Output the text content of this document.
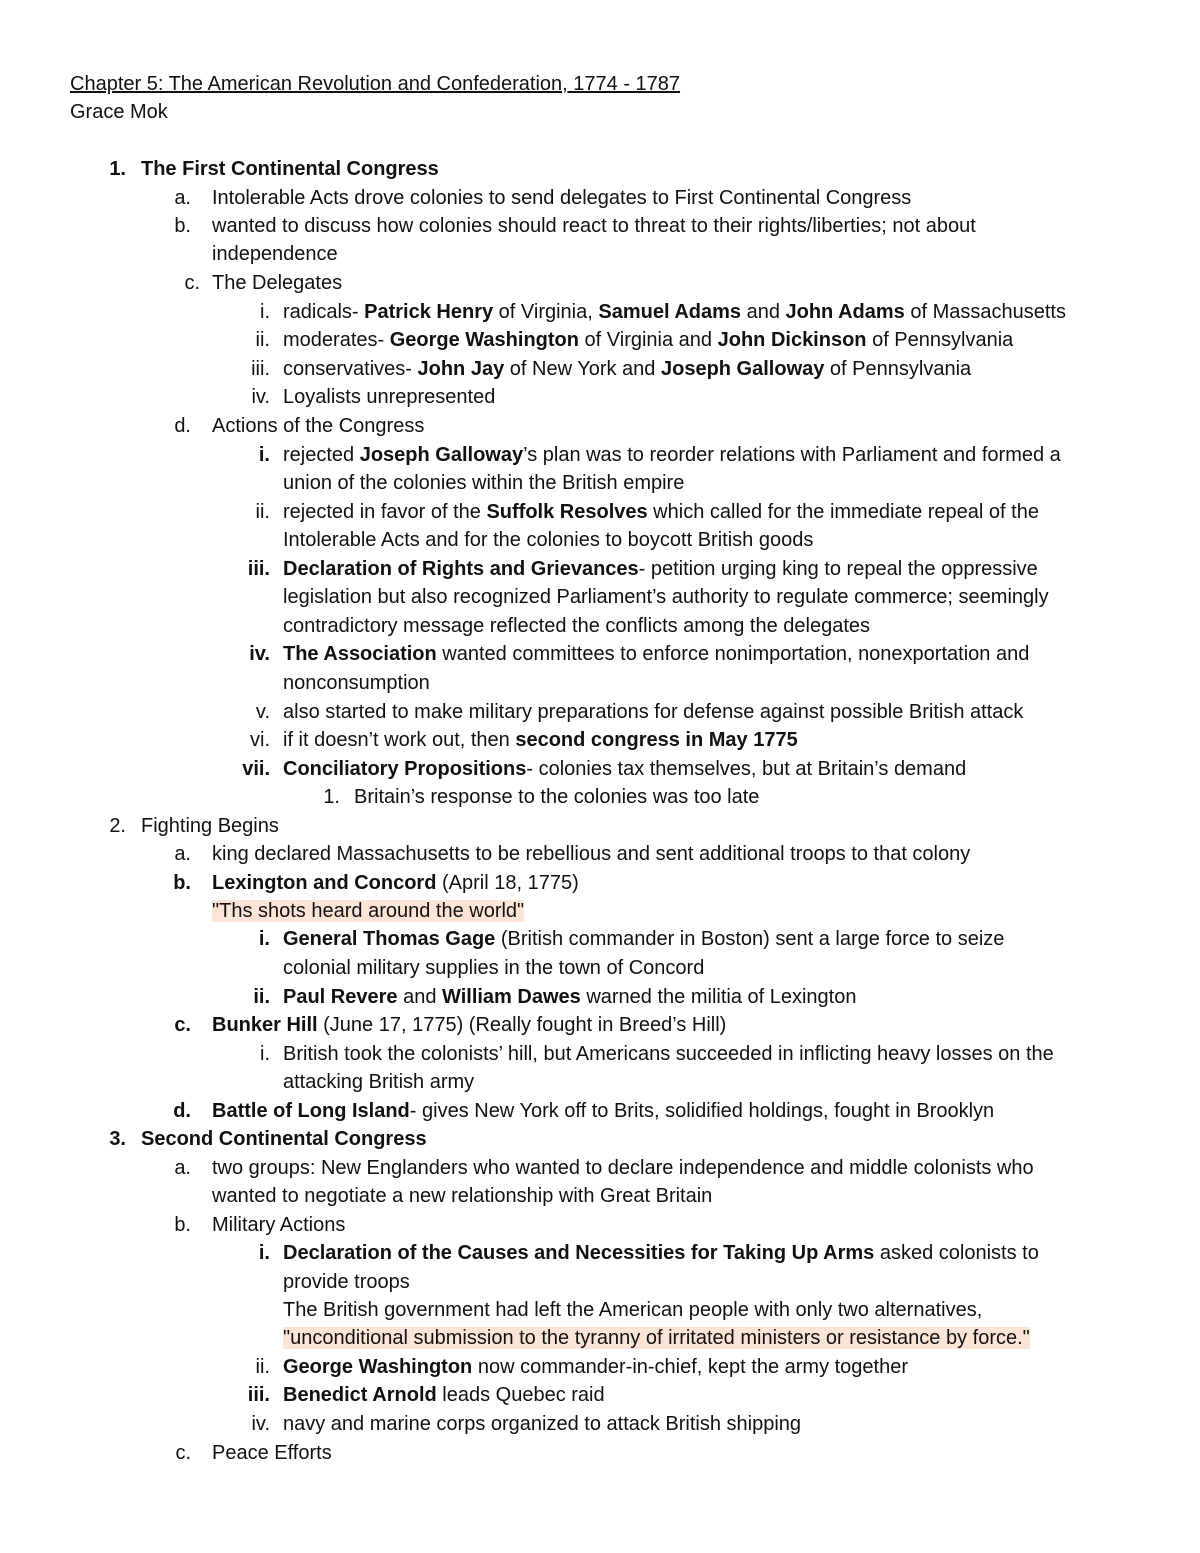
Chapter 5: The American Revolution and Confederation, 1774 - 1787
Grace Mok
1. The First Continental Congress
a. Intolerable Acts drove colonies to send delegates to First Continental Congress
b. wanted to discuss how colonies should react to threat to their rights/liberties; not about
independence
c. The Delegates
i. radicals- Patrick Henry of Virginia, Samuel Adams and John Adams of Massachusetts
ii. moderates- George Washington of Virginia and John Dickinson of Pennsylvania
iii. conservatives- John Jay of New York and Joseph Galloway of Pennsylvania
iv. Loyalists unrepresented
d. Actions of the Congress
i. rejected Joseph Galloway’s plan was to reorder relations with Parliament and formed a
union of the colonies within the British empire
ii. rejected in favor of the Suffolk Resolves which called for the immediate repeal of the
Intolerable Acts and for the colonies to boycott British goods
iii. Declaration of Rights and Grievances- petition urging king to repeal the oppressive
legislation but also recognized Parliament’s authority to regulate commerce; seemingly
contradictory message reflected the conflicts among the delegates
iv. The Association wanted committees to enforce nonimportation, nonexportation and
nonconsumption
v. also started to make military preparations for defense against possible British attack
vi. if it doesn’t work out, then second congress in May 1775
vii. Conciliatory Propositions- colonies tax themselves, but at Britain’s demand
1. Britain’s response to the colonies was too late
2. Fighting Begins
a. king declared Massachusetts to be rebellious and sent additional troops to that colony
b. Lexington and Concord (April 18, 1775)
"Ths shots heard around the world"
i. General Thomas Gage (British commander in Boston) sent a large force to seize
colonial military supplies in the town of Concord
ii. Paul Revere and William Dawes warned the militia of Lexington
c. Bunker Hill (June 17, 1775) (Really fought in Breed’s Hill)
i. British took the colonists’ hill, but Americans succeeded in inflicting heavy losses on the
attacking British army
d. Battle of Long Island- gives New York off to Brits, solidified holdings, fought in Brooklyn
3. Second Continental Congress
a. two groups: New Englanders who wanted to declare independence and middle colonists who
wanted to negotiate a new relationship with Great Britain
b. Military Actions
i. Declaration of the Causes and Necessities for Taking Up Arms asked colonists to
provide troops
The British government had left the American people with only two alternatives,
"unconditional submission to the tyranny of irritated ministers or resistance by force."
ii. George Washington now commander-in-chief, kept the army together
iii. Benedict Arnold leads Quebec raid
iv. navy and marine corps organized to attack British shipping
c. Peace Efforts
